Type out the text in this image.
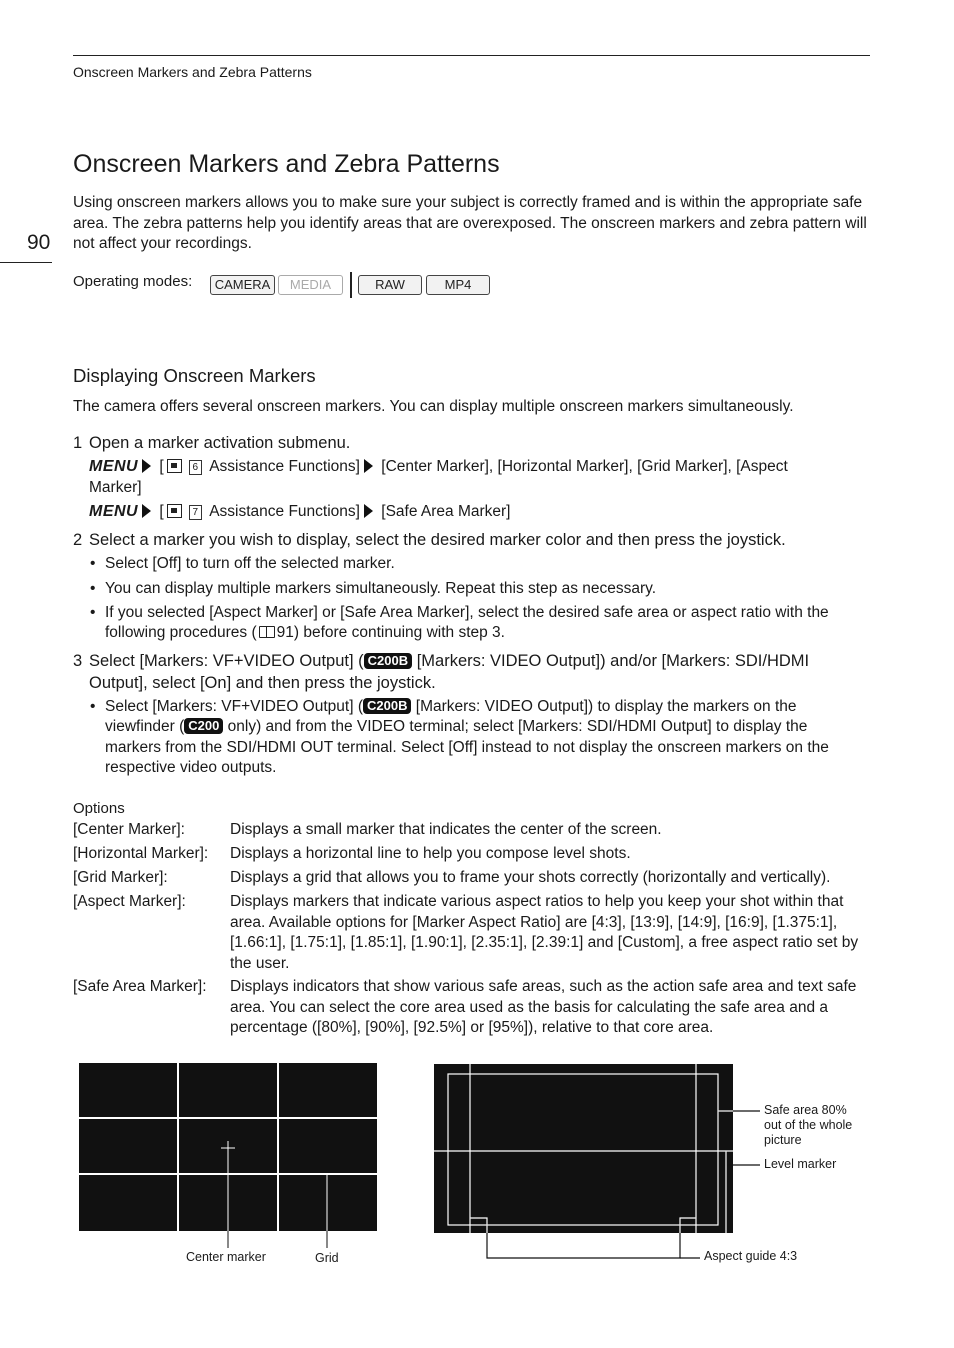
Onscreen Markers and Zebra Patterns
90
Onscreen Markers and Zebra Patterns

Using onscreen markers allows you to make sure your subject is correctly framed and is within the appropriate safe area. The zebra patterns help you identify areas that are overexposed. The onscreen markers and zebra pattern will not affect your recordings.

Operating modes:	CAMERA	MEDIA	RAW	MP4
Displaying Onscreen Markers
The camera offers several onscreen markers. You can display multiple onscreen markers simultaneously.
1 Open a marker activation submenu.
MENU [	6 Assistance Functions] [Center Marker], [Horizontal Marker], [Grid Marker], [Aspect
Marker]
MENU [	7 Assistance Functions] [Safe Area Marker]
2 Select a marker you wish to display, select the desired marker color and then press the joystick.
• Select [Off] to turn off the selected marker.
• You can display multiple markers simultaneously. Repeat this step as necessary.
• If you selected [Aspect Marker] or [Safe Area Marker], select the desired safe area or aspect ratio with the
following procedures ( 91) before continuing with step 3.
3 Select [Markers: VF+VIDEO Output] ( C200B [Markers: VIDEO Output]) and/or [Markers: SDI/HDMI
Output], select [On] and then press the joystick.
• Select [Markers: VF+VIDEO Output] ( C200B [Markers: VIDEO Output]) to display the markers on the
viewfinder ( C200 only) and from the VIDEO terminal; select [Markers: SDI/HDMI Output] to display the
markers from the SDI/HDMI OUT terminal. Select [Off] instead to not display the onscreen markers on the
respective video outputs.
Options
[Center Marker]:	Displays a small marker that indicates the center of the screen.
[Horizontal Marker]: Displays a horizontal line to help you compose level shots.
[Grid Marker]:	Displays a grid that allows you to frame your shots correctly (horizontally and vertically).
[Aspect Marker]:	Displays markers that indicate various aspect ratios to help you keep your shot within that area. Available options for [Marker Aspect Ratio] are [4:3], [13:9], [14:9], [16:9], [1.375:1], [1.66:1], [1.75:1], [1.85:1], [1.90:1], [2.35:1], [2.39:1] and [Custom], a free aspect ratio set by the user.
[Safe Area Marker]: Displays indicators that show various safe areas, such as the action safe area and text safe area. You can select the core area used as the basis for calculating the safe area and a percentage ([80%], [90%], [92.5%] or [95%]), relative to that core area.
Center marker	Grid
Safe area 80%
out of the whole
picture
Level marker
Aspect guide 4:3
